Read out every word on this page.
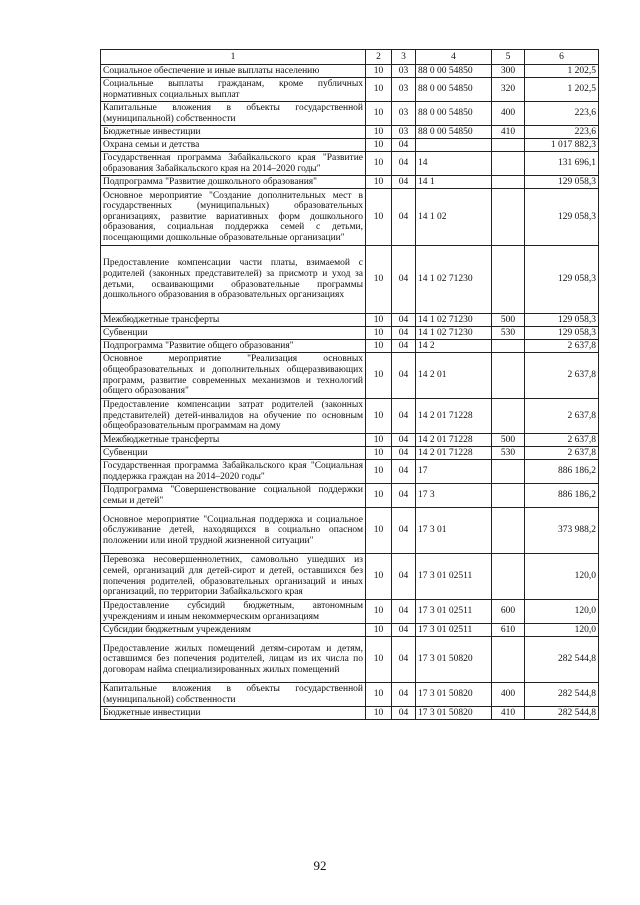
1	2	3	4	5	6
Социальное обеспечение и иные выплаты населению	10	03	88 0 00 54850	300	1 202,5
Социальные выплаты гражданам, кроме публичных нормативных социальных выплат	10	03	88 0 00 54850	320	1 202,5
Капитальные вложения в объекты государственной (муниципальной) собственности	10	03	88 0 00 54850	400	223,6
Бюджетные инвестиции	10	03	88 0 00 54850	410	223,6
Охрана семьи и детства	10	04			1 017 882,3
Государственная программа Забайкальского края "Развитие образования Забайкальского края на 2014–2020 годы"	10	04	14		131 696,1
Подпрограмма "Развитие дошкольного образования"	10	04	14 1		129 058,3
Основное мероприятие "Создание дополнительных мест в государственных (муниципальных) образовательных организациях, развитие вариативных форм дошкольного образования, социальная поддержка семей с детьми, посещающими дошкольные образовательные организации"	10	04	14 1 02		129 058,3
Предоставление компенсации части платы, взимаемой с родителей (законных представителей) за присмотр и уход за детьми, осваивающими образовательные программы дошкольного образования в образовательных организациях	10	04	14 1 02 71230		129 058,3
Межбюджетные трансферты	10	04	14 1 02 71230	500	129 058,3
Субвенции	10	04	14 1 02 71230	530	129 058,3
Подпрограмма "Развитие общего образования"	10	04	14 2		2 637,8
Основное мероприятие "Реализация основных общеобразовательных и дополнительных общеразвивающих программ, развитие современных механизмов и технологий общего образования"	10	04	14 2 01		2 637,8
Предоставление компенсации затрат родителей (законных представителей) детей-инвалидов на обучение по основным общеобразовательным программам на дому	10	04	14 2 01 71228		2 637,8
Межбюджетные трансферты	10	04	14 2 01 71228	500	2 637,8
Субвенции	10	04	14 2 01 71228	530	2 637,8
Государственная программа Забайкальского края "Социальная поддержка граждан на 2014–2020 годы"	10	04	17		886 186,2
Подпрограмма "Совершенствование социальной поддержки семьи и детей"	10	04	17 3		886 186,2
Основное мероприятие "Социальная поддержка и социальное обслуживание детей, находящихся в социально опасном положении или иной трудной жизненной ситуации"	10	04	17 3 01		373 988,2
Перевозка несовершеннолетних, самовольно ушедших из семей, организаций для детей-сирот и детей, оставшихся без попечения родителей, образовательных организаций и иных организаций, по территории Забайкальского края	10	04	17 3 01 02511		120,0
Предоставление субсидий бюджетным, автономным учреждениям и иным некоммерческим организациям	10	04	17 3 01 02511	600	120,0
Субсидии бюджетным учреждениям	10	04	17 3 01 02511	610	120,0
Предоставление жилых помещений детям-сиротам и детям, оставшимся без попечения родителей, лицам из их числа по договорам найма специализированных жилых помещений	10	04	17 3 01 50820		282 544,8
Капитальные вложения в объекты государственной (муниципальной) собственности	10	04	17 3 01 50820	400	282 544,8
Бюджетные инвестиции	10	04	17 3 01 50820	410	282 544,8
92
